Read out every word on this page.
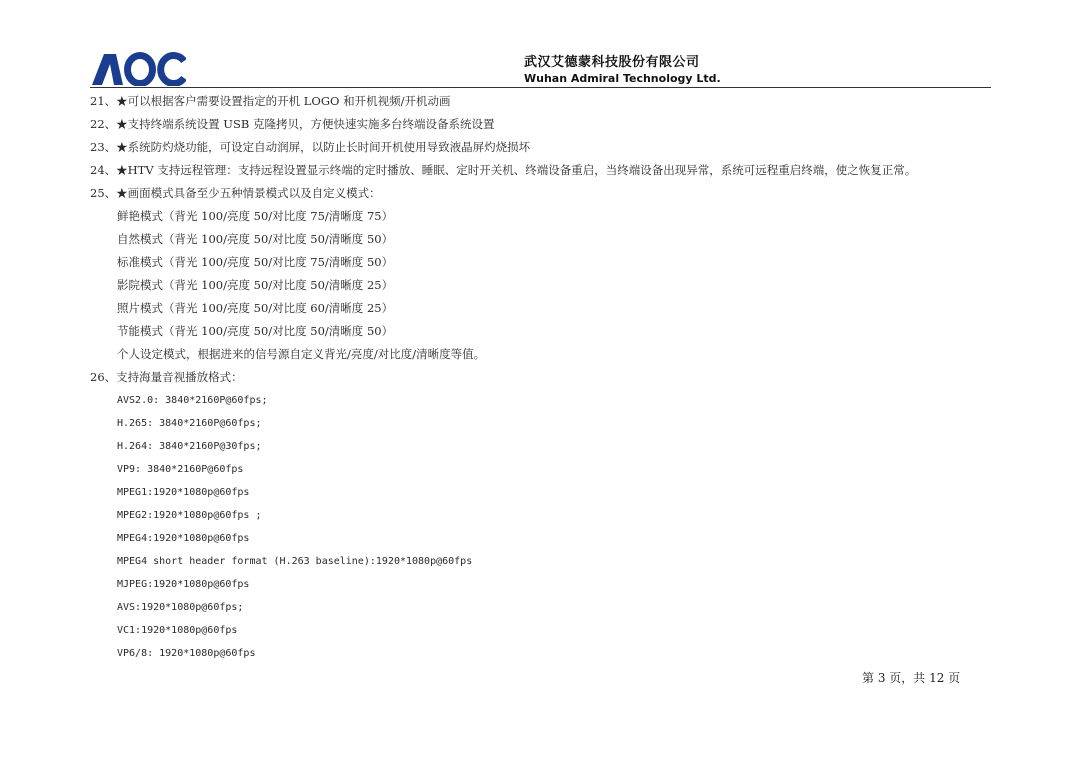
武汉艾德蒙科技股份有限公司
Wuhan Admiral Technology Ltd.
21、★可以根据客户需要设置指定的开机 LOGO 和开机视频/开机动画
22、★支持终端系统设置 USB 克隆拷贝，方便快速实施多台终端设备系统设置
23、★系统防灼烧功能，可设定自动润屏，以防止长时间开机使用导致液晶屏灼烧损坏
24、★HTV 支持远程管理：支持远程设置显示终端的定时播放、睡眠、定时开关机、终端设备重启，当终端设备出现异常，系统可远程重启终端，使之恢复正常。
25、★画面模式具备至少五种情景模式以及自定义模式：
鲜艳模式（背光 100/亮度 50/对比度 75/清晰度 75）
自然模式（背光 100/亮度 50/对比度 50/清晰度 50）
标准模式（背光 100/亮度 50/对比度 75/清晰度 50）
影院模式（背光 100/亮度 50/对比度 50/清晰度 25）
照片模式（背光 100/亮度 50/对比度 60/清晰度 25）
节能模式（背光 100/亮度 50/对比度 50/清晰度 50）
个人设定模式，根据进来的信号源自定义背光/亮度/对比度/清晰度等值。
26、支持海量音视播放格式：
AVS2.0: 3840*2160P@60fps;
H.265: 3840*2160P@60fps;
H.264: 3840*2160P@30fps;
VP9: 3840*2160P@60fps
MPEG1:1920*1080p@60fps
MPEG2:1920*1080p@60fps ;
MPEG4:1920*1080p@60fps
MPEG4 short header format (H.263 baseline):1920*1080p@60fps
MJPEG:1920*1080p@60fps
AVS:1920*1080p@60fps;
VC1:1920*1080p@60fps
VP6/8: 1920*1080p@60fps
第 3 页，共 12 页
